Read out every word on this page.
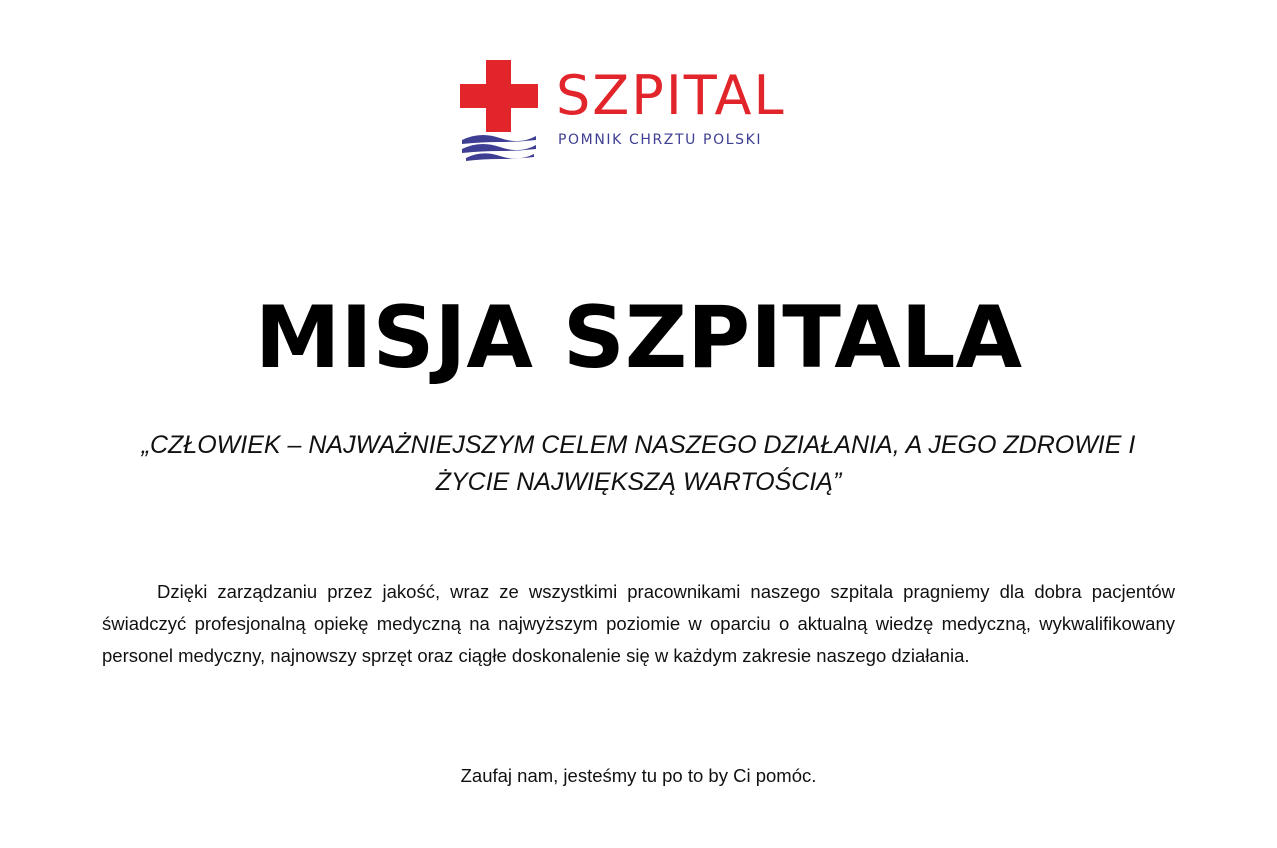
SZPITAL
POMNIK CHRZTU POLSKI
MISJA SZPITALA
„CZŁOWIEK – NAJWAŻNIEJSZYM CELEM NASZEGO DZIAŁANIA, A JEGO ZDROWIE I
ŻYCIE NAJWIĘKSZĄ WARTOŚCIĄ”

Dzięki zarządzaniu przez jakość, wraz ze wszystkimi pracownikami naszego szpitala pragniemy dla dobra pacjentów świadczyć profesjonalną opiekę medyczną na najwyższym poziomie w oparciu o aktualną wiedzę medyczną, wykwalifikowany personel medyczny, najnowszy sprzęt oraz ciągłe doskonalenie się w każdym zakresie naszego działania.

Zaufaj nam, jesteśmy tu po to by Ci pomóc.
